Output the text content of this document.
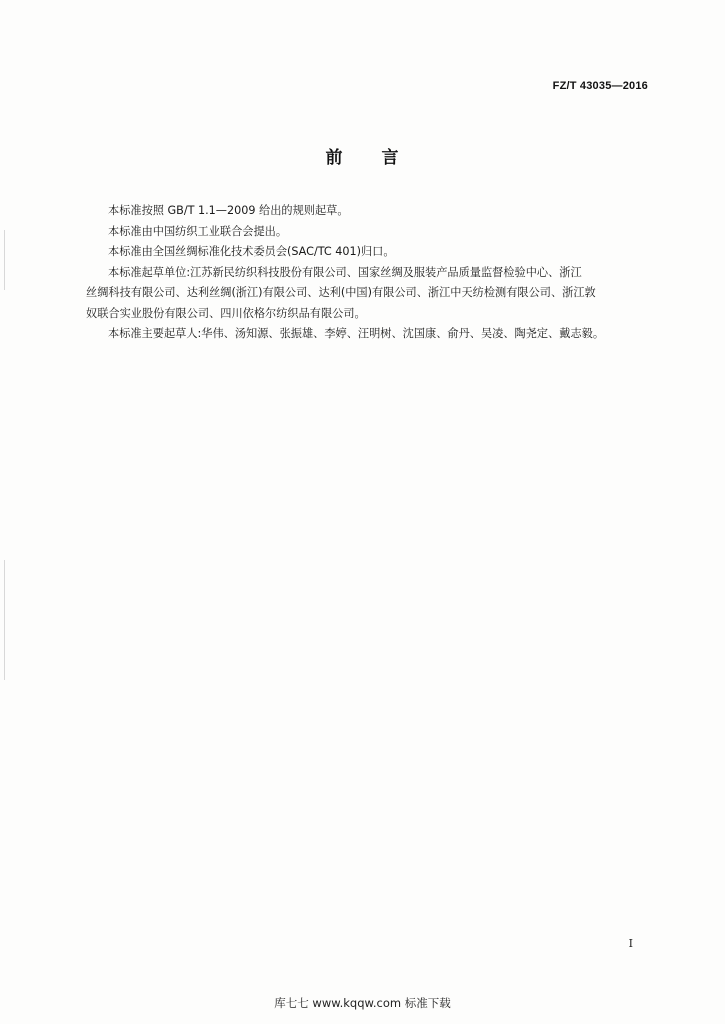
FZ/T 43035—2016
前 言

本标准按照 GB/T 1.1—2009 给出的规则起草。

本标准由中国纺织工业联合会提出。

本标准由全国丝绸标准化技术委员会(SAC/TC 401)归口。

本标准起草单位:江苏新民纺织科技股份有限公司、国家丝绸及服装产品质量监督检验中心、浙江
丝绸科技有限公司、达利丝绸(浙江)有限公司、达利(中国)有限公司、浙江中天纺检测有限公司、浙江敦
奴联合实业股份有限公司、四川依格尔纺织品有限公司。

本标准主要起草人:华伟、汤知源、张振雄、李婷、汪明树、沈国康、俞丹、吴凌、陶尧定、戴志毅。

I
库七七 www.kqqw.com 标准下载
